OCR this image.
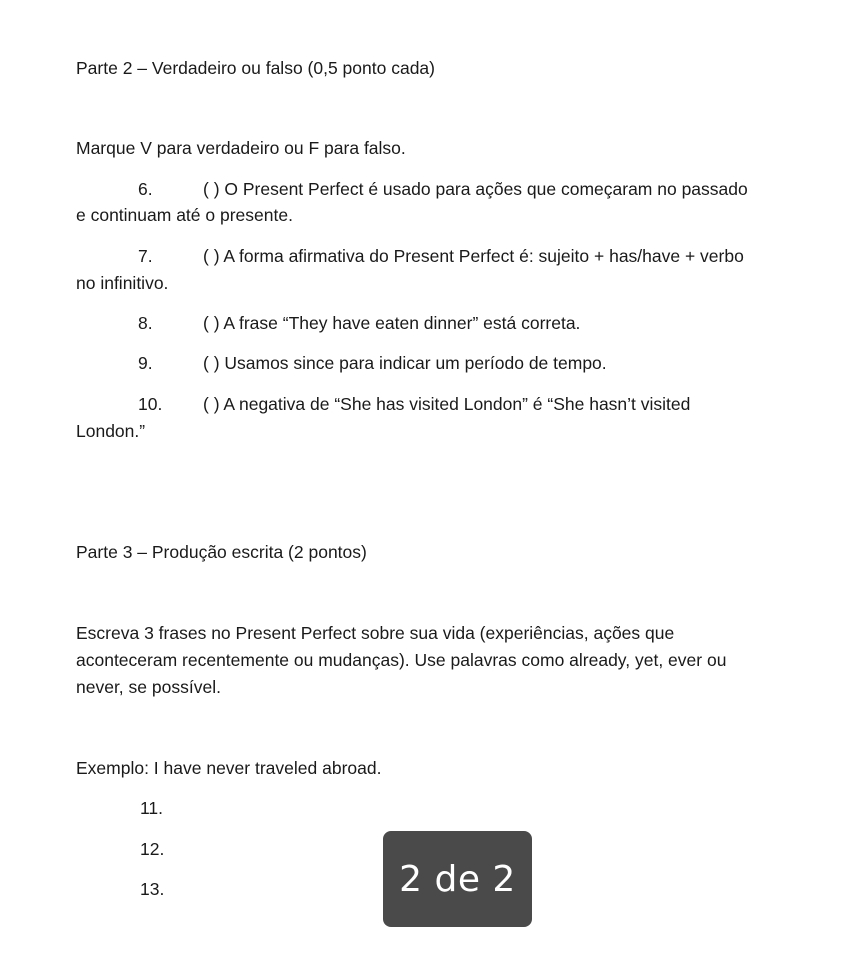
Parte 2 – Verdadeiro ou falso (0,5 ponto cada)
Marque V para verdadeiro ou F para falso.
6.	( ) O Present Perfect é usado para ações que começaram no passado
e continuam até o presente.
7.	( ) A forma afirmativa do Present Perfect é: sujeito + has/have + verbo
no infinitivo.
8.	( ) A frase “They have eaten dinner” está correta.
9.	( ) Usamos since para indicar um período de tempo.
10. ( ) A negativa de “She has visited London” é “She hasn’t visited
London.”
Parte 3 – Produção escrita (2 pontos)
Escreva 3 frases no Present Perfect sobre sua vida (experiências, ações que
aconteceram recentemente ou mudanças). Use palavras como already, yet, ever ou
never, se possível.
Exemplo: I have never traveled abroad.
11.
12.
13.	2 de 2
